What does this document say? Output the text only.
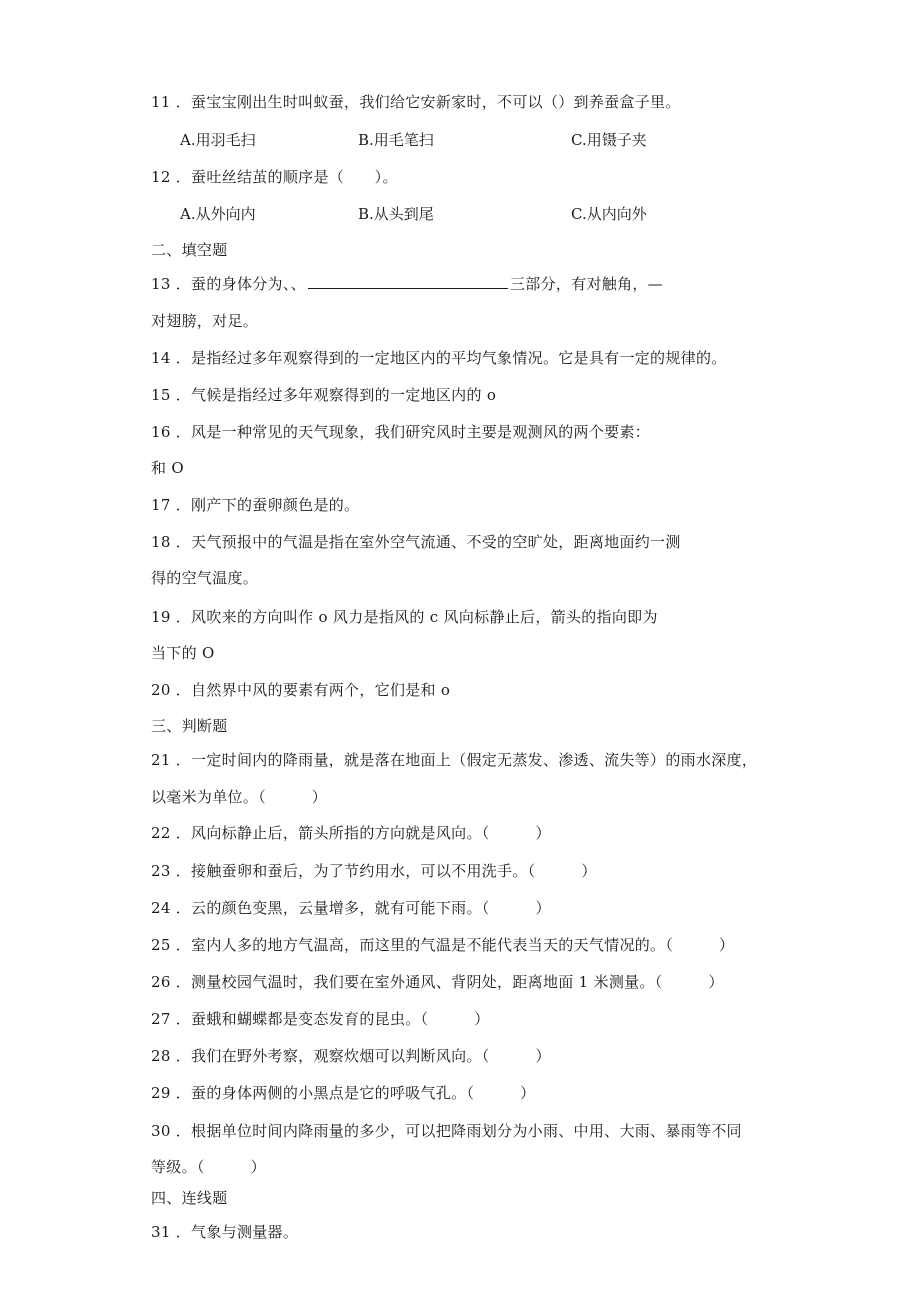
11 ．蚕宝宝刚出生时叫蚁蚕，我们给它安新家时，不可以（）到养蚕盒子里。
A.用羽毛扫	B.用毛笔扫	C.用镊子夹
12 ．蚕吐丝结茧的顺序是（　　）。
A.从外向内	B.从头到尾	C.从内向外
二、填空题
13 ．蚕的身体分为、、	三部分，有对触角，—
对翅膀，对足。
14 ．是指经过多年观察得到的一定地区内的平均气象情况。它是具有一定的规律的。
15 ．气候是指经过多年观察得到的一定地区内的 o
16 ．风是一种常见的天气现象，我们研究风时主要是观测风的两个要素：
和 O
17 ．刚产下的蚕卵颜色是的。
18 ．天气预报中的气温是指在室外空气流通、不受的空旷处，距离地面约一测
得的空气温度。
19 ．风吹来的方向叫作 o 风力是指风的 c 风向标静止后，箭头的指向即为
当下的 O
20 ．自然界中风的要素有两个，它们是和 o
三、判断题
21 ．一定时间内的降雨量，就是落在地面上（假定无蒸发、渗透、流失等）的雨水深度，
以毫米为单位。（　　　）
22 ．风向标静止后，箭头所指的方向就是风向。（　　　）
23 ．接触蚕卵和蚕后，为了节约用水，可以不用洗手。（　　　）
24 ．云的颜色变黑，云量增多，就有可能下雨。（　　　）
25 ．室内人多的地方气温高，而这里的气温是不能代表当天的天气情况的。（　　　）
26 ．测量校园气温时，我们要在室外通风、背阴处，距离地面 1 米测量。（　　　）
27 ．蚕蛾和蝴蝶都是变态发育的昆虫。（　　　）
28 ．我们在野外考察，观察炊烟可以判断风向。（　　　）
29 ．蚕的身体两侧的小黑点是它的呼吸气孔。（　　　）
30 ．根据单位时间内降雨量的多少，可以把降雨划分为小雨、中用、大雨、暴雨等不同
等级。（　　　）
四、连线题
31 ．气象与测量器。
